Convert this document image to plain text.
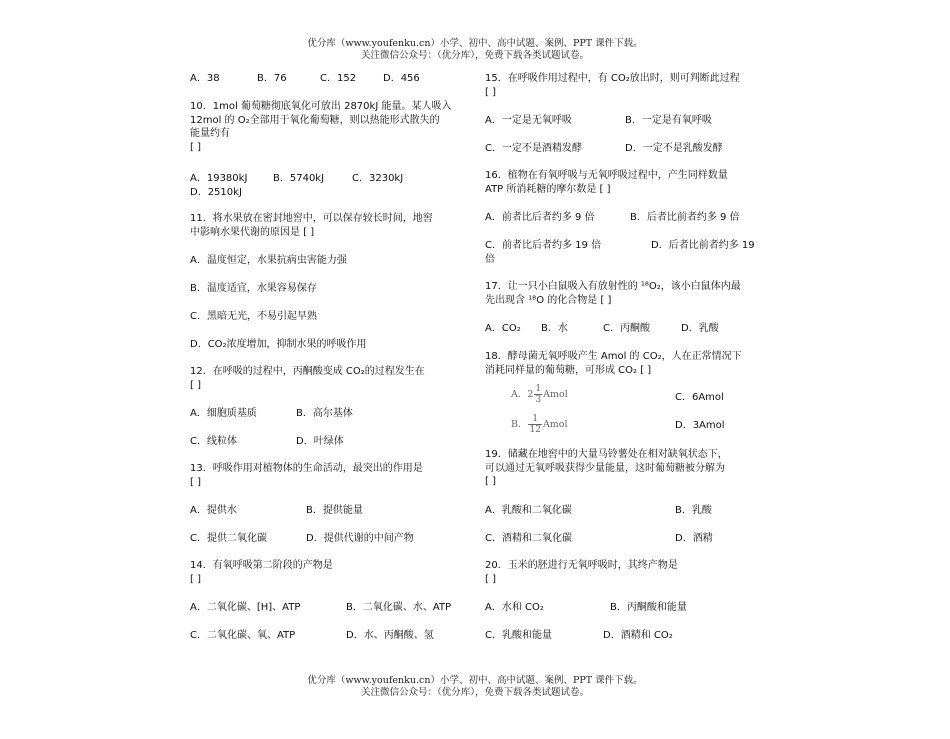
优分库（www.youfenku.cn）小学、初中、高中试题、案例、PPT 课件下载。
关注微信公众号：（优分库），免费下载各类试题试卷。
A．38	B．76	C．152	D．456
10．1mol 葡萄糖彻底氧化可放出 2870kJ 能量。某人吸入
12mol 的 O₂全部用于氧化葡萄糖，则以热能形式散失的
能量约有
[ ]
A．19380kJ	B．5740kJ	C．3230kJ
D．2510kJ
11．将水果放在密封地窖中，可以保存较长时间，地窖
中影响水果代谢的原因是 [ ]
A．温度恒定，水果抗病虫害能力强
B．温度适宜，水果容易保存
C．黑暗无光，不易引起早熟
D．CO₂浓度增加，抑制水果的呼吸作用
12．在呼吸的过程中，丙酮酸变成 CO₂的过程发生在
[ ]
A．细胞质基质	B．高尔基体
C．线粒体	D．叶绿体
13．呼吸作用对植物体的生命活动，最突出的作用是
[ ]
A．提供水	B．提供能量
C．提供二氧化碳	D．提供代谢的中间产物
14．有氧呼吸第二阶段的产物是
[ ]
A．二氧化碳、[H]、ATP	B．二氧化碳、水、ATP
C．二氧化碳、氧、ATP	D．水、丙酮酸、氢
15．在呼吸作用过程中，有 CO₂放出时，则可判断此过程
[ ]
A．一定是无氧呼吸	B．一定是有氧呼吸
C．一定不是酒精发酵	D．一定不是乳酸发酵
16．植物在有氧呼吸与无氧呼吸过程中，产生同样数量
ATP 所消耗糖的摩尔数是 [ ]
A．前者比后者约多 9 倍	B．后者比前者约多 9 倍
C．前者比后者约多 19 倍	D．后者比前者约多 19
倍
17．让一只小白鼠吸入有放射性的 ¹⁸O₂，该小白鼠体内最
先出现含 ¹⁸O 的化合物是 [ ]
A．CO₂ B．水	C．丙酮酸	D．乳酸
18．酵母菌无氧呼吸产生 Amol 的 CO₂，人在正常情况下
消耗同样量的葡萄糖，可形成 CO₂ [ ]
A．$2 \frac{1}{3}$ Amol	C．6Amol
B． $\frac{1}{12}$ Amol	D．3Amol
19．储藏在地窖中的大量马铃薯处在相对缺氧状态下，
可以通过无氧呼吸获得少量能量，这时葡萄糖被分解为
[ ]
A．乳酸和二氧化碳	B．乳酸
C．酒精和二氧化碳	D．酒精
20．玉米的胚进行无氧呼吸时，其终产物是
[ ]
A．水和 CO₂	B．丙酮酸和能量
C．乳酸和能量	D．酒精和 CO₂
优分库（www.youfenku.cn）小学、初中、高中试题、案例、PPT 课件下载。
关注微信公众号：（优分库），免费下载各类试题试卷。
